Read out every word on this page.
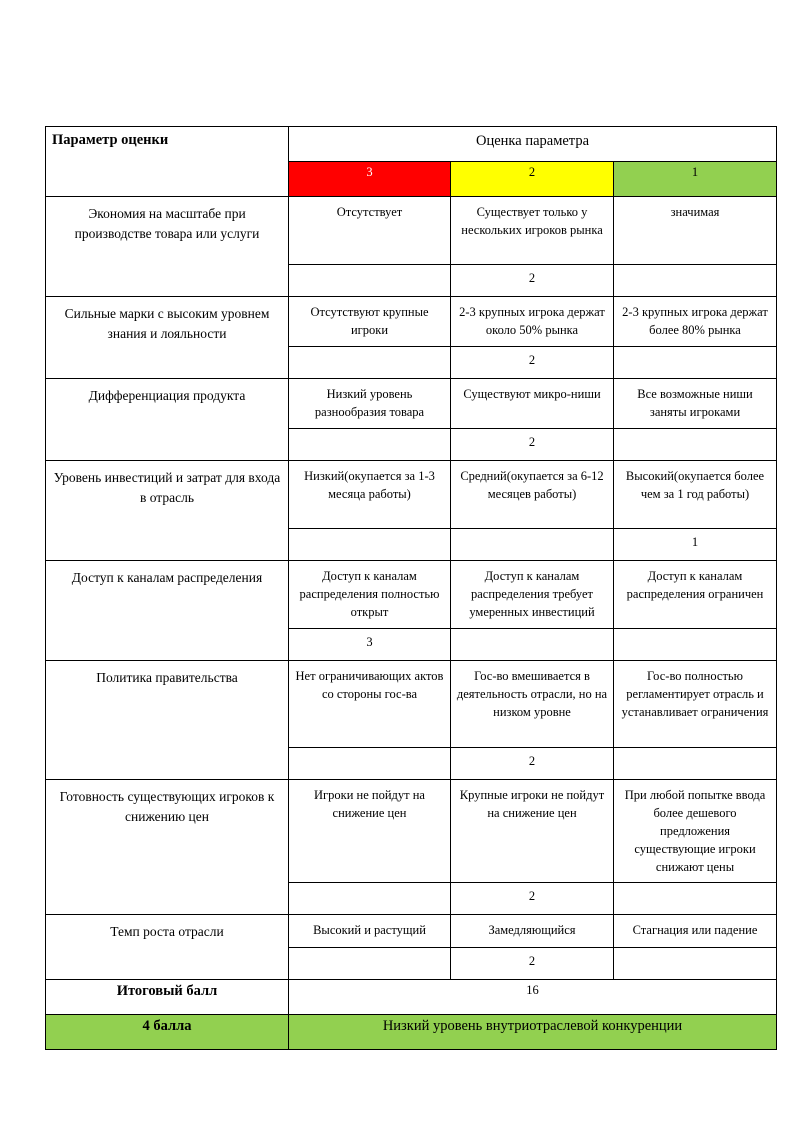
Параметр оценки	Оценка параметра		
	3	2	1
Экономия на масштабе при производстве товара или услуги	Отсутствует	Существует только у нескольких игроков рынка	значимая
		2	
Сильные марки с высоким уровнем знания и лояльности	Отсутствуют крупные игроки	2-3 крупных игрока держат около 50% рынка	2-3 крупных игрока держат более 80% рынка
		2	
Дифференциация продукта	Низкий уровень разнообразия товара	Существуют микро-ниши	Все возможные ниши заняты игроками
		2	
Уровень инвестиций и затрат для входа в отрасль	Низкий(окупается за 1-3 месяца работы)	Средний(окупается за 6-12 месяцев работы)	Высокий(окупается более чем за 1 год работы)
			1
Доступ к каналам распределения	Доступ к каналам распределения полностью открыт	Доступ к каналам распределения требует умеренных инвестиций	Доступ к каналам распределения ограничен
	3		
Политика правительства	Нет ограничивающих актов со стороны гос-ва	Гос-во вмешивается в деятельность отрасли, но на низком уровне	Гос-во полностью регламентирует отрасль и устанавливает ограничения
		2	
Готовность существующих игроков к снижению цен	Игроки не пойдут на снижение цен	Крупные игроки не пойдут на снижение цен	При любой попытке ввода более дешевого предложения существующие игроки снижают цены
		2	
Темп роста отрасли	Высокий и растущий	Замедляющийся	Стагнация или падение
		2	
Итоговый балл	16		
4 балла	Низкий уровень внутриотраслевой конкуренции		
